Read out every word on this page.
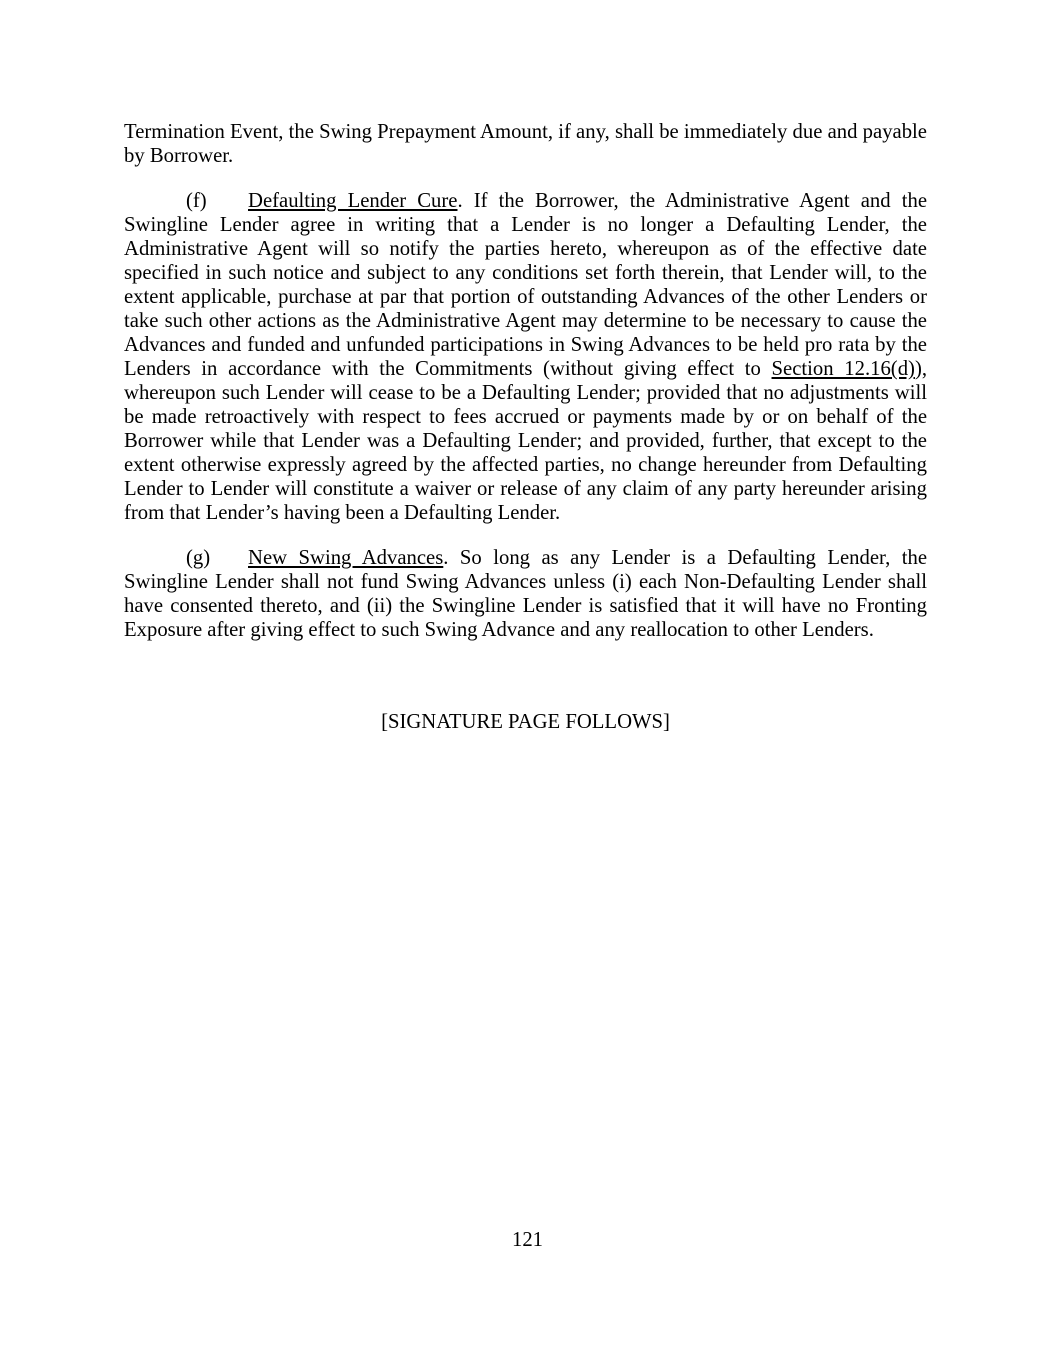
Termination Event, the Swing Prepayment Amount, if any, shall be immediately due and payable by Borrower.

(f) Defaulting Lender Cure. If the Borrower, the Administrative Agent and the Swingline Lender agree in writing that a Lender is no longer a Defaulting Lender, the Administrative Agent will so notify the parties hereto, whereupon as of the effective date specified in such notice and subject to any conditions set forth therein, that Lender will, to the extent applicable, purchase at par that portion of outstanding Advances of the other Lenders or take such other actions as the Administrative Agent may determine to be necessary to cause the Advances and funded and unfunded participations in Swing Advances to be held pro rata by the Lenders in accordance with the Commitments (without giving effect to Section 12.16(d)), whereupon such Lender will cease to be a Defaulting Lender; provided that no adjustments will be made retroactively with respect to fees accrued or payments made by or on behalf of the Borrower while that Lender was a Defaulting Lender; and provided, further, that except to the extent otherwise expressly agreed by the affected parties, no change hereunder from Defaulting Lender to Lender will constitute a waiver or release of any claim of any party hereunder arising from that Lender’s having been a Defaulting Lender.

(g) New Swing Advances. So long as any Lender is a Defaulting Lender, the Swingline Lender shall not fund Swing Advances unless (i) each Non-Defaulting Lender shall have consented thereto, and (ii) the Swingline Lender is satisfied that it will have no Fronting Exposure after giving effect to such Swing Advance and any reallocation to other Lenders.

[SIGNATURE PAGE FOLLOWS]

121
